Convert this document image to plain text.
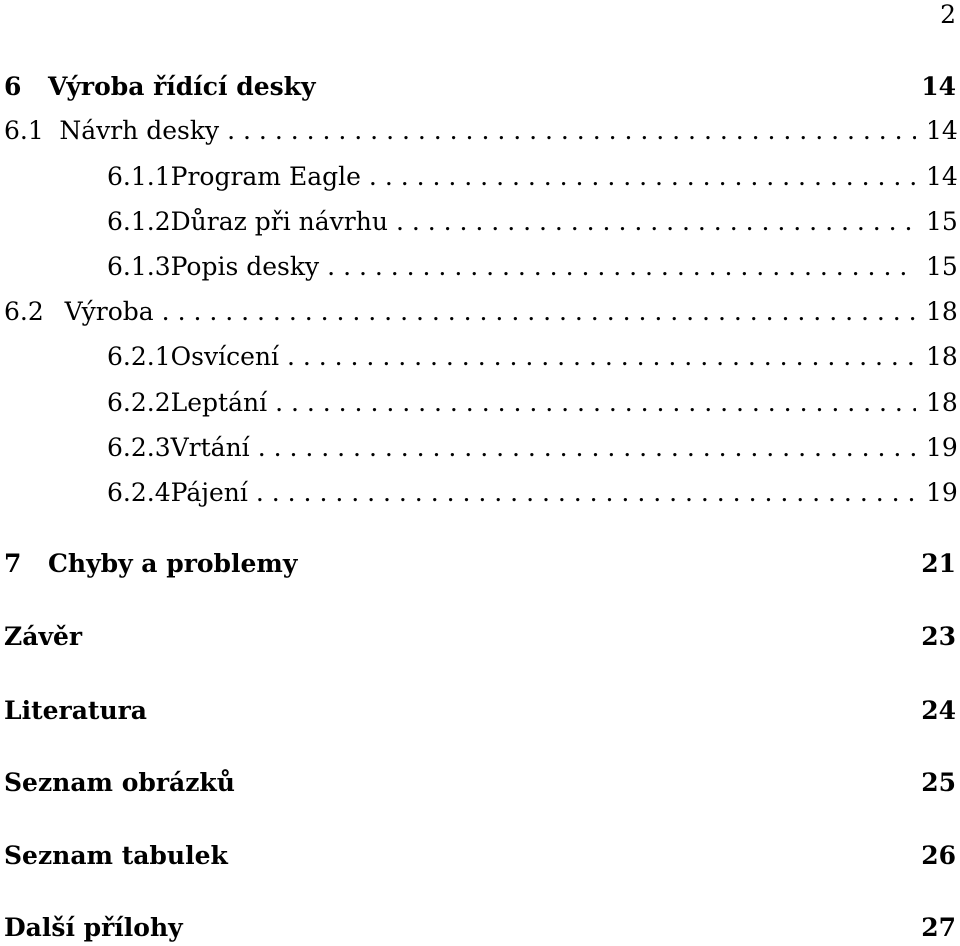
2
6	Výroba řídící desky	14
6.1 Návrh desky . . .	14
6.1.1 Program Eagle . . .	14
6.1.2 Důraz při návrhu . . .	15
6.1.3 Popis desky . . .	15
6.2 Výroba . . .	18
6.2.1 Osvícení . . .	18
6.2.2 Leptání . . .	18
6.2.3 Vrtání . . .	19
6.2.4 Pájení . . .	19
7	Chyby a problemy	21
Závěr	23
Literatura	24
Seznam obrázků	25
Seznam tabulek	26
Další přílohy	27
